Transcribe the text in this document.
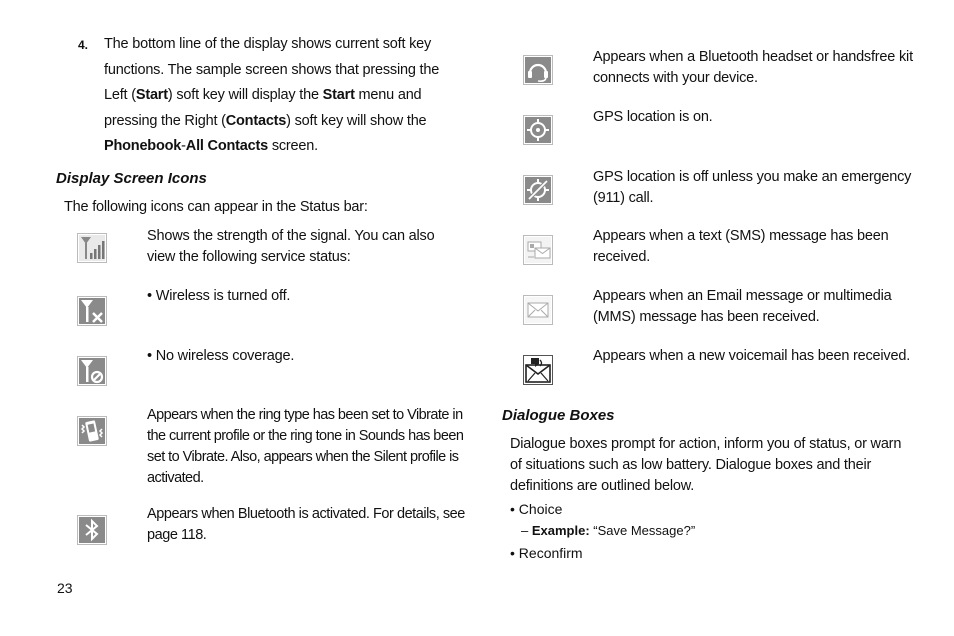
4. The bottom line of the display shows current soft key functions. The sample screen shows that pressing the Left (Start) soft key will display the Start menu and pressing the Right (Contacts) soft key will show the Phonebook-All Contacts screen.
Display Screen Icons
The following icons can appear in the Status bar:
Shows the strength of the signal. You can also view the following service status:
• Wireless is turned off.
• No wireless coverage.
Appears when the ring type has been set to Vibrate in the current profile or the ring tone in Sounds has been set to Vibrate. Also, appears when the Silent profile is activated.
Appears when Bluetooth is activated. For details, see page 118.
23
Appears when a Bluetooth headset or handsfree kit connects with your device.
GPS location is on.
GPS location is off unless you make an emergency (911) call.
Appears when a text (SMS) message has been received.
Appears when an Email message or multimedia (MMS) message has been received.
Appears when a new voicemail has been received.
Dialogue Boxes
Dialogue boxes prompt for action, inform you of status, or warn of situations such as low battery. Dialogue boxes and their definitions are outlined below.
• Choice
– Example: “Save Message?”
• Reconfirm
